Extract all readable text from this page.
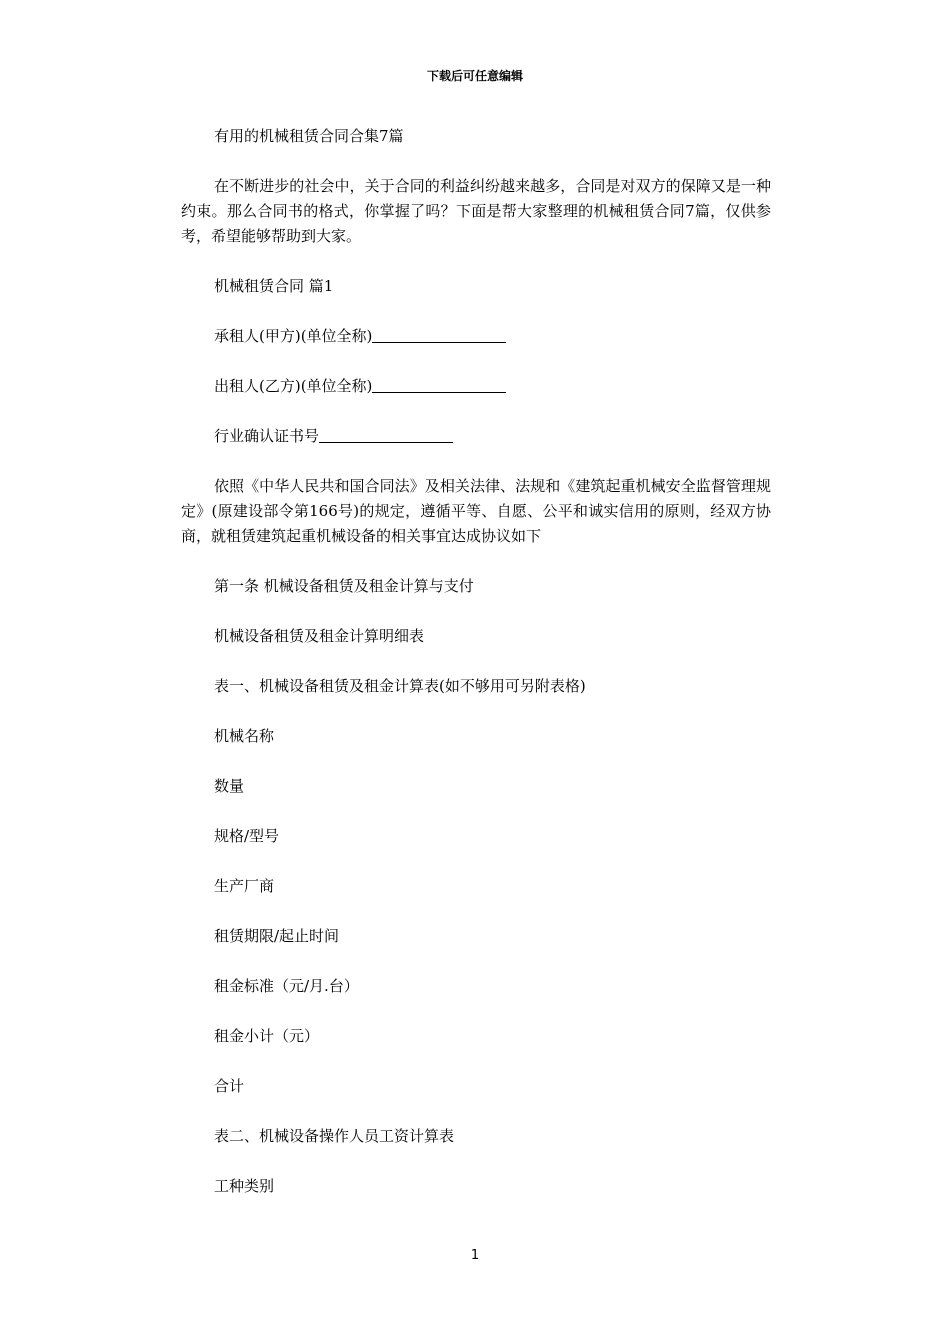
下载后可任意编辑

有用的机械租赁合同合集7篇

在不断进步的社会中，关于合同的利益纠纷越来越多，合同是对双方的保障又是一种约束。那么合同书的格式，你掌握了吗？下面是帮大家整理的机械租赁合同7篇，仅供参考，希望能够帮助到大家。

机械租赁合同 篇1

承租人(甲方)(单位全称)

出租人(乙方)(单位全称)

行业确认证书号

依照《中华人民共和国合同法》及相关法律、法规和《建筑起重机械安全监督管理规定》(原建设部令第166号)的规定，遵循平等、自愿、公平和诚实信用的原则，经双方协商，就租赁建筑起重机械设备的相关事宜达成协议如下

第一条 机械设备租赁及租金计算与支付

机械设备租赁及租金计算明细表

表一、机械设备租赁及租金计算表(如不够用可另附表格)

机械名称

数量

规格/型号

生产厂商

租赁期限/起止时间

租金标准（元/月.台）

租金小计（元）

合计

表二、机械设备操作人员工资计算表

工种类别

1
